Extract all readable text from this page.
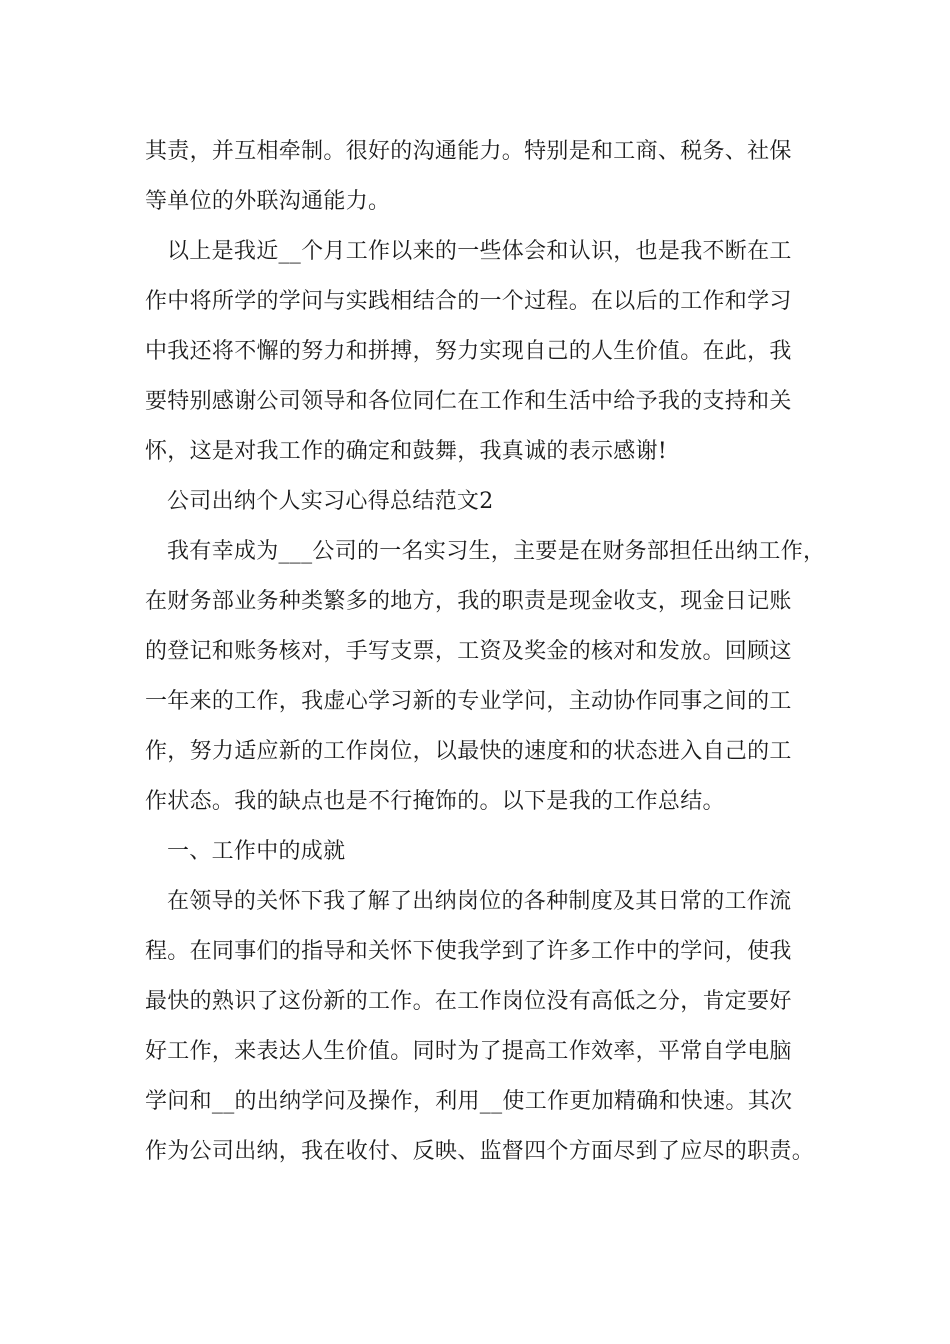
其责，并互相牵制。很好的沟通能力。特别是和工商、税务、社保
等单位的外联沟通能力。
以上是我近__个月工作以来的一些体会和认识，也是我不断在工
作中将所学的学问与实践相结合的一个过程。在以后的工作和学习
中我还将不懈的努力和拼搏，努力实现自己的人生价值。在此，我
要特别感谢公司领导和各位同仁在工作和生活中给予我的支持和关
怀，这是对我工作的确定和鼓舞，我真诚的表示感谢!
公司出纳个人实习心得总结范文2
我有幸成为___公司的一名实习生，主要是在财务部担任出纳工作，
在财务部业务种类繁多的地方，我的职责是现金收支，现金日记账
的登记和账务核对，手写支票，工资及奖金的核对和发放。回顾这
一年来的工作，我虚心学习新的专业学问，主动协作同事之间的工
作，努力适应新的工作岗位，以最快的速度和的状态进入自己的工
作状态。我的缺点也是不行掩饰的。以下是我的工作总结。
一、工作中的成就
在领导的关怀下我了解了出纳岗位的各种制度及其日常的工作流
程。在同事们的指导和关怀下使我学到了许多工作中的学问，使我
最快的熟识了这份新的工作。在工作岗位没有高低之分，肯定要好
好工作，来表达人生价值。同时为了提高工作效率，平常自学电脑
学问和__的出纳学问及操作，利用__使工作更加精确和快速。其次
作为公司出纳，我在收付、反映、监督四个方面尽到了应尽的职责。
